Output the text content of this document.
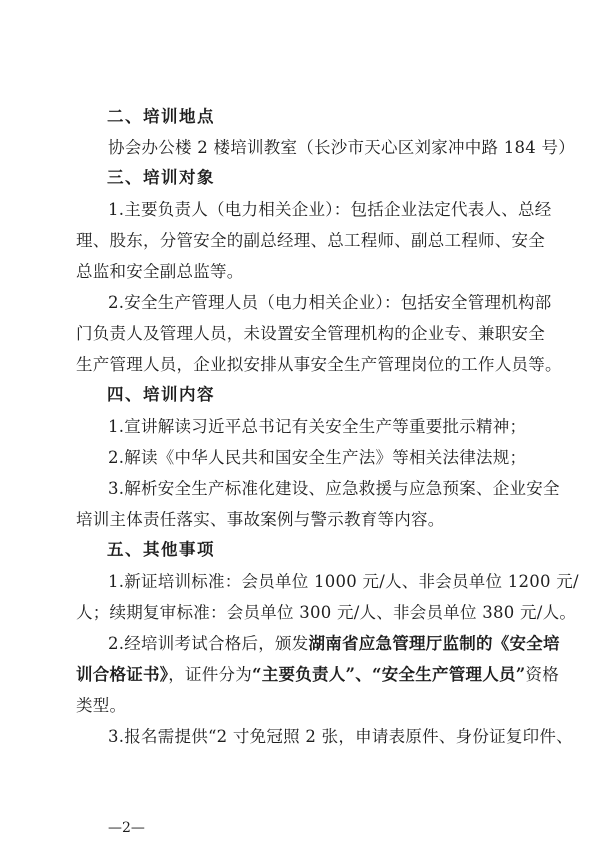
二、培训地点
协会办公楼 2 楼培训教室（长沙市天心区刘家冲中路 184 号）
三、培训对象
1.主要负责人（电力相关企业）：包括企业法定代表人、总经
理、股东，分管安全的副总经理、总工程师、副总工程师、安全
总监和安全副总监等。
2.安全生产管理人员（电力相关企业）：包括安全管理机构部
门负责人及管理人员，未设置安全管理机构的企业专、兼职安全
生产管理人员，企业拟安排从事安全生产管理岗位的工作人员等。
四、培训内容
1.宣讲解读习近平总书记有关安全生产等重要批示精神；
2.解读《中华人民共和国安全生产法》等相关法律法规；
3.解析安全生产标准化建设、应急救援与应急预案、企业安全
培训主体责任落实、事故案例与警示教育等内容。
五、其他事项
1.新证培训标准：会员单位 1000 元/人、非会员单位 1200 元/
人；续期复审标准：会员单位 300 元/人、非会员单位 380 元/人。
2.经培训考试合格后，颁发湖南省应急管理厅监制的《安全培
训合格证书》，证件分为“主要负责人”、“安全生产管理人员”资格
类型。
3.报名需提供“2 寸免冠照 2 张，申请表原件、身份证复印件、
—2—
